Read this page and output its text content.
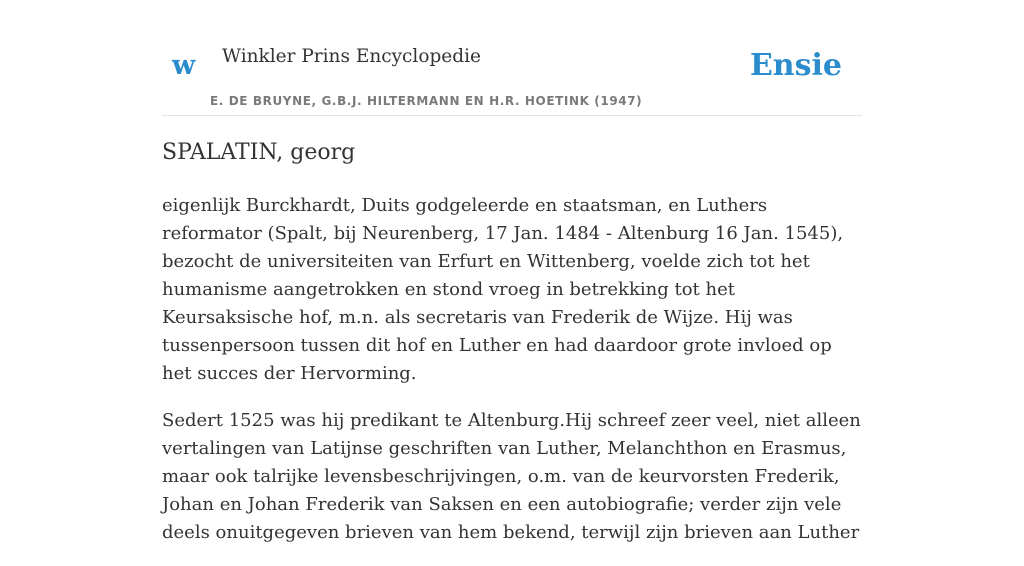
w Winkler Prins Encyclopedie
E. DE BRUYNE, G.B.J. HILTERMANN EN H.R. HOETINK (1947)
Ensie
SPALATIN, georg

eigenlijk Burckhardt, Duits godgeleerde en staatsman, en Luthers reformator (Spalt, bij Neurenberg, 17 Jan. 1484 - Altenburg 16 Jan. 1545), bezocht de universiteiten van Erfurt en Wittenberg, voelde zich tot het humanisme aangetrokken en stond vroeg in betrekking tot het Keursaksische hof, m.n. als secretaris van Frederik de Wijze. Hij was tussenpersoon tussen dit hof en Luther en had daardoor grote invloed op het succes der Hervorming.

Sedert 1525 was hij predikant te Altenburg.Hij schreef zeer veel, niet alleen vertalingen van Latijnse geschriften van Luther, Melanchthon en Erasmus, maar ook talrijke levensbeschrijvingen, o.m. van de keurvorsten Frederik, Johan en Johan Frederik van Saksen en een autobiografie; verder zijn vele deels onuitgegeven brieven van hem bekend, terwijl zijn brieven aan Luther
